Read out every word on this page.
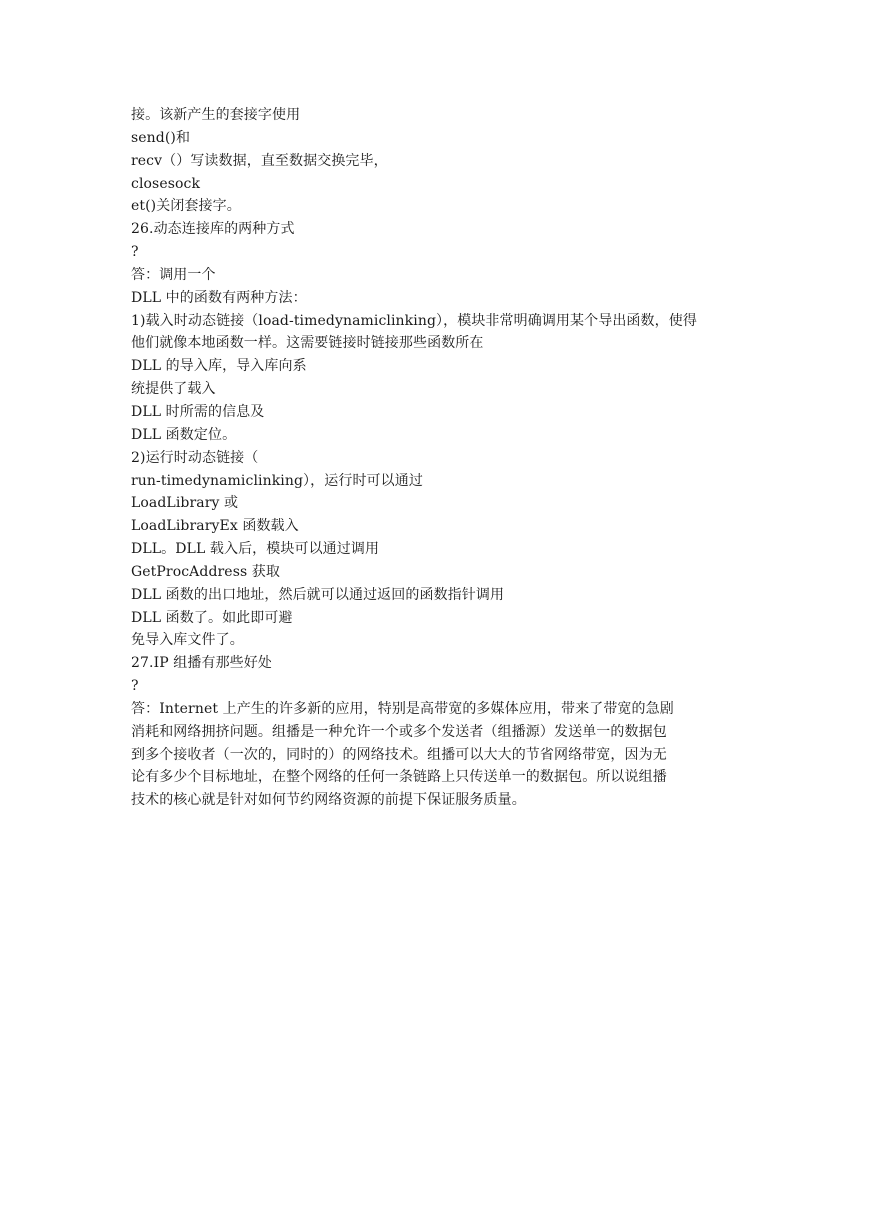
接。该新产生的套接字使用
send()和
recv（）写读数据，直至数据交换完毕，
closesock
et()关闭套接字。
26.动态连接库的两种方式
?
答：调用一个
DLL 中的函数有两种方法：
1)载入时动态链接（load-timedynamiclinking），模块非常明确调用某个导出函数，使得
他们就像本地函数一样。这需要链接时链接那些函数所在
DLL 的导入库，导入库向系
统提供了载入
DLL 时所需的信息及
DLL 函数定位。
2)运行时动态链接（
run-timedynamiclinking），运行时可以通过
LoadLibrary 或
LoadLibraryEx 函数载入
DLL。DLL 载入后，模块可以通过调用
GetProcAddress 获取
DLL 函数的出口地址，然后就可以通过返回的函数指针调用
DLL 函数了。如此即可避
免导入库文件了。
27.IP 组播有那些好处
?
答：Internet 上产生的许多新的应用，特别是高带宽的多媒体应用，带来了带宽的急剧
消耗和网络拥挤问题。组播是一种允许一个或多个发送者（组播源）发送单一的数据包
到多个接收者（一次的，同时的）的网络技术。组播可以大大的节省网络带宽，因为无
论有多少个目标地址，在整个网络的任何一条链路上只传送单一的数据包。所以说组播
技术的核心就是针对如何节约网络资源的前提下保证服务质量。
